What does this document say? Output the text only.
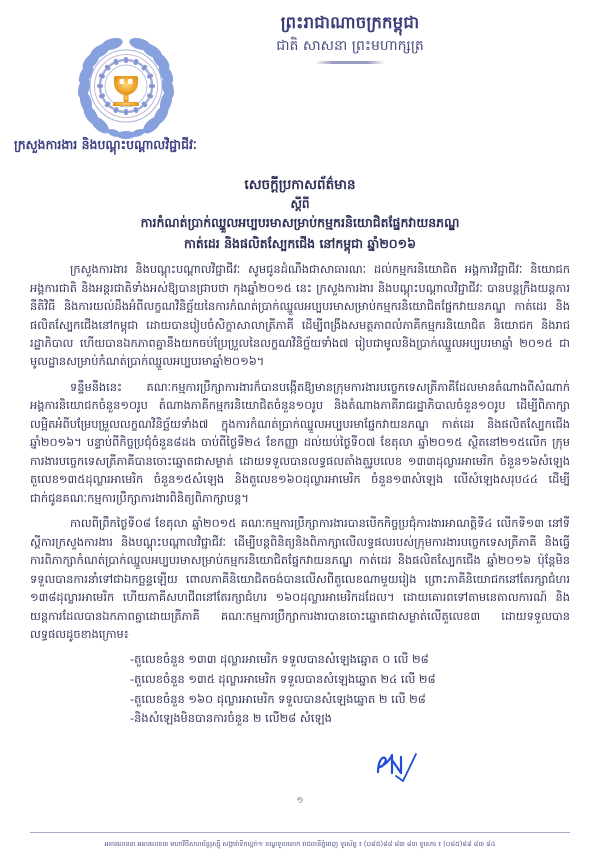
ព្រះរាជាណាចក្រកម្ពុជា
ជាតិ សាសនា ព្រះមហាក្សត្រ
ក្រសួងការងារ និងបណ្ដុះបណ្ដាលវិជ្ជាជីវៈ
សេចក្ដីប្រកាសព័ត៌មាន
ស្ដីពី
ការកំណត់ប្រាក់ឈ្នួលអប្បបរមាសម្រាប់កម្មករនិយោជិតផ្នែកវាយនភណ្ឌ
កាត់ដេរ និងផលិតស្បែកជើង នៅកម្ពុជា ឆ្នាំ២០១៦

ក្រសួងការងារ និងបណ្ដុះបណ្ដាលវិជ្ជាជីវៈ សូមជូនដំណឹងជាសាធារណៈ ដល់កម្មករនិយោជិត អង្គការវិជ្ជាជីវៈ និយោជក អង្គការជាតិ និងអន្តរជាតិទាំងអស់ឱ្យបានជ្រាបថា កុងឆ្នាំ២០១៥ នេះ ក្រសួងការងារ និងបណ្ដុះបណ្ដាលវិជ្ជាជីវៈ បានបន្តក្រឹងយន្តការ នីតិវិធី និងការយល់ដឹងអំពីលក្ខណវិនិច្ឆ័យនៃការកំណត់ប្រាក់ឈ្នួលអប្បបរមាសម្រាប់កម្មករនិយោជិតផ្នែកវាយនភណ្ឌ កាត់ដេរ និងផលិតស្បែកជើងនៅកម្ពុជា ដោយបានរៀបចំសិក្ខាសាលាត្រីភាគី ដើម្បីពង្រឹងសមត្ថភាពលំភាគីកម្មករនិយោជិត និយោជក និងរាជរដ្ឋាភិបាល ហើយបានឯកភាពគ្នានឹងយកចប់ប្រែប្រួលនៃលក្ខណវិនិច្ឆ័យទាំង៧ រៀបជាមូលនិងប្រាក់ឈ្នួលអប្បបរមាឆ្នាំ ២០១៥ ជាមូលដ្ឋានសម្រាប់កំណត់ប្រាក់ឈ្នួលអប្បបរមាឆ្នាំ២០១៦។

ទន្ទឹមនឹងនេះ គណៈកម្មការប្រឹក្សាការងារក៏បានបង្កើតឱ្យមានក្រុមការងារបច្ចេកទេសត្រីភាគីដែលមានតំណាងពីសំណាក់អង្គការនិយោជកចំនួន១០រូប តំណាងភាគីកម្មករនិយោជិតចំនួន១០រូប និងតំណាងភាគីរាជរដ្ឋាភិបាលចំនួន១០រូប ដើម្បីពិភាក្សាលម្អិតអំពីបម្រែបម្រួលលក្ខណវិនិច្ឆ័យទាំង៧ ក្នុងការកំណត់ប្រាក់ឈ្នួលអប្បបរមាផ្នែកវាយនភណ្ឌ កាត់ដេរ និងផលិតស្បែកជើងឆ្នាំ២០១៦។ បន្ទាប់ពីកិច្ចប្រជុំចំនួន៨ដង ចាប់ពីថ្ងៃទី២៤ ខែកញ្ញា ដល់យប់ថ្ងៃទី០៧ ខែតុលា ឆ្នាំ២០១៥ ស្ថិតនៅ២១៥លើក ក្រុមការងារបច្ចេកទេសត្រីភាគីបានចោះឆ្នោតជាសម្ងាត់ ដោយទទួលបានលទ្ធផលតាំងតួរូបលេខ ១៣៣ដុល្លារអាមេរិក ចំនួន១៦សំឡេង តួលេខ១៣៥ដុល្លារអាមេរិក ចំនួន១៥សំឡេង និងតួលេខ១៦០ដុល្លារអាមេរិក ចំនួន១៣សំឡេង លើសំឡេងសរុប៤៤ ដើម្បីជាក់ជូនគណៈកម្មការប្រឹក្សាការងារពិនិត្យពិភាក្សាបន្ដ។

កាលពីព្រឹកថ្ងៃទី០៨ ខែតុលា ឆ្នាំ២០១៥ គណៈកម្មការប្រឹក្សាការងារបានបើកកិច្ចប្រជុំការងារអាណត្តិទី៤ លើកទី១៣ នៅទីស្ដីការក្រសួងការងារ និងបណ្ដុះបណ្ដាលវិជ្ជាជីវៈ ដើម្បីបន្តពិនិត្យនិងពិភាក្សាលើលទ្ធផលរបស់ក្រុមការងារបច្ចេកទេសត្រីភាគី និងធ្វើការពិភាក្សាកំណត់ប្រាក់ឈ្នួលអប្បបរមាសម្រាប់កម្មករនិយោជិតផ្នែកវាយនភណ្ឌ កាត់ដេរ និងផលិតស្បែកជើង ឆ្នាំ២០១៦ ប៉ុន្តែមិនទទួលបានការនាំទៅជាឯកច្ឆន្ទឡើយ ពោលភាគីនិយោជិតចង់បានលើសពីតួលេខណាមួយរៀង ព្រោះភាគីនិយោជកនៅតែរក្សាជំហរ ១៣៨ដុល្លារអាមេរិក ហើយភាគីសហជីពនៅតែរក្សាជំហរ ១៦០ដុល្លារអាមេរិកដដែល។ ដោយគោរពទៅតាមនេតាលការណ៍ និងយន្តការដែលបានឯកភាពគ្នាដោយត្រីភាគី គណៈកម្មការប្រឹក្សាការងារបានចោះឆ្នោតជាសម្ងាត់លើតួលេខ៣ ដោយទទួលបានលទ្ធផលដូចខាងក្រោម៖

-តួលេខចំនួន ១៣៣ ដុល្លារអាមេរិក ទទួលបានសំឡេងឆ្នោត ០ លើ ២៨
-តួលេខចំនួន ១៣៥ ដុល្លារអាមេរិក ទទួលបានសំឡេងឆ្នោត ២៤ លើ ២៨
-តួលេខចំនួន ១៦០ ដុល្លារអាមេរិក ទទួលបានសំឡេងឆ្នោត ២ លើ ២៨
-និងសំឡេងមិនបានការចំនួន ២ លើ២៨ សំឡេង
១
អគារលេខ៣ អគារលេខ៣ មហាវិថីសហព័ន្ធរុស្ស៊ី សង្កាត់ទឹកល្អក់១ ខណ្ឌទួលគោក រាជធានីភ្នំពេញ ទូរស័ព្ទ ៖ (០៨៥)៨៨ ៨៣ ៨៣ ទូរសារ ៖ (០៨៥)៨៨ ៨៣ ៨៤
